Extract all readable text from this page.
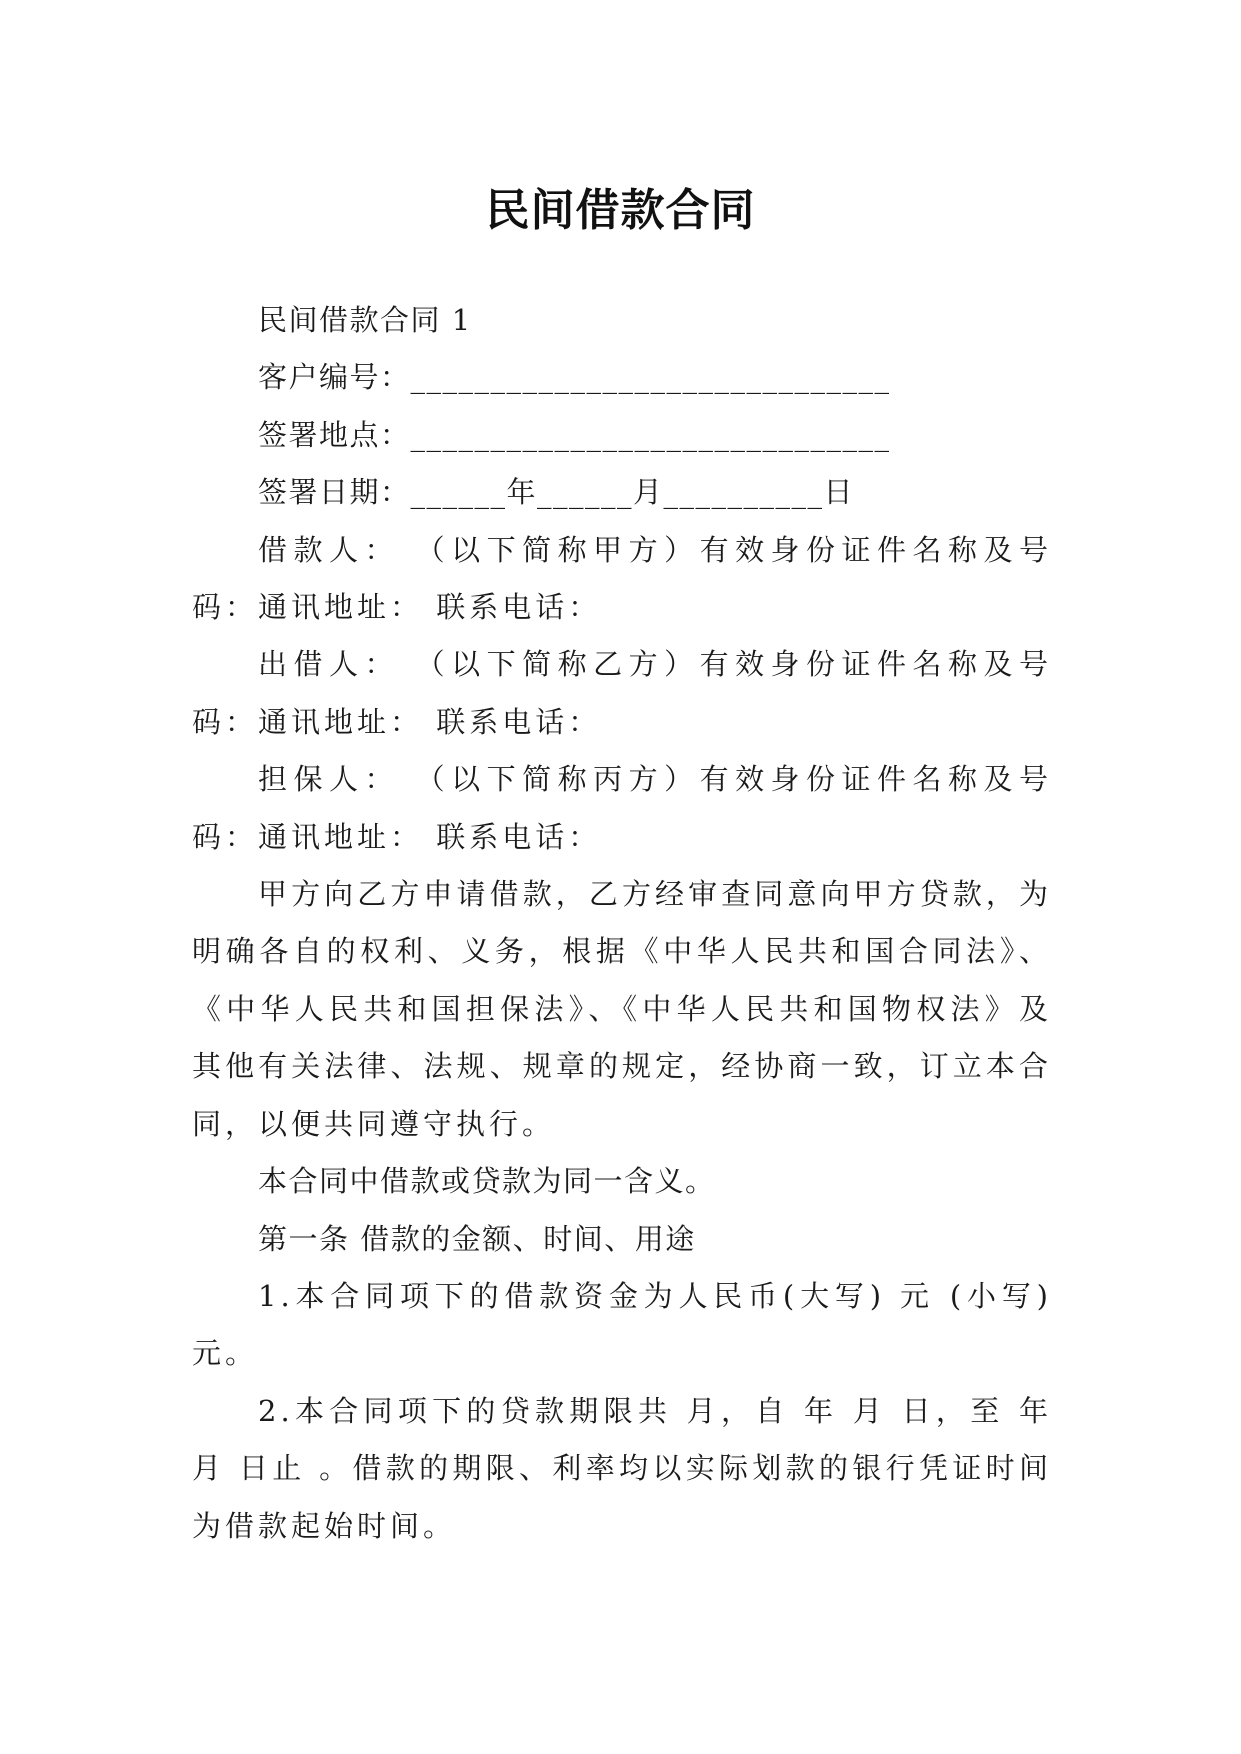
民间借款合同

民间借款合同 1

客户编号：______________________________

签署地点：______________________________

签署日期：______年______月__________日

借款人： （以下简称甲方）有效身份证件名称及号码：通讯地址： 联系电话：

出借人： （以下简称乙方）有效身份证件名称及号码：通讯地址： 联系电话：

担保人： （以下简称丙方）有效身份证件名称及号码：通讯地址： 联系电话：

甲方向乙方申请借款，乙方经审查同意向甲方贷款，为明确各自的权利、义务，根据《中华人民共和国合同法》、《中华人民共和国担保法》、《中华人民共和国物权法》及其他有关法律、法规、规章的规定，经协商一致，订立本合同，以便共同遵守执行。

本合同中借款或贷款为同一含义。

第一条 借款的金额、时间、用途

1.本合同项下的借款资金为人民币(大写) 元 (小写) 元。

2.本合同项下的贷款期限共 月，自 年 月 日，至 年 月 日止 。借款的期限、利率均以实际划款的银行凭证时间为借款起始时间。
